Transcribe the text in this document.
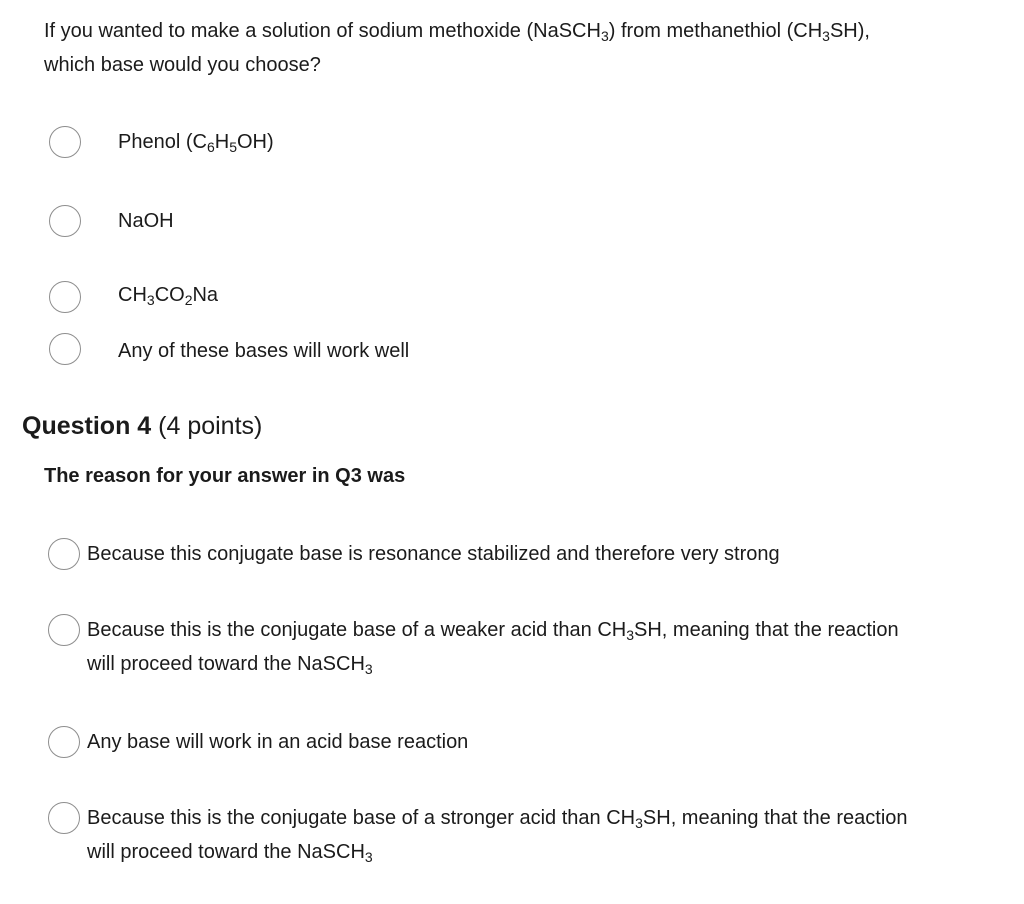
If you wanted to make a solution of sodium methoxide (NaSCH$_3$) from methanethiol $(CH_3SH)$,
which base would you choose?
Phenol $(C_6H_5OH)$
NaOH
$CH_3CO_2Na$
Any of these bases will work well
Question 4 (4 points)
The reason for your answer in Q3 was
Because this conjugate base is resonance stabilized and therefore very strong
Because this is the conjugate base of a weaker acid than $CH_3SH$, meaning that the reaction
will proceed toward the NaSCH$_3$
Any base will work in an acid base reaction
Because this is the conjugate base of a stronger acid than $CH_3SH$, meaning that the reaction
will proceed toward the NaSCH$_3$
